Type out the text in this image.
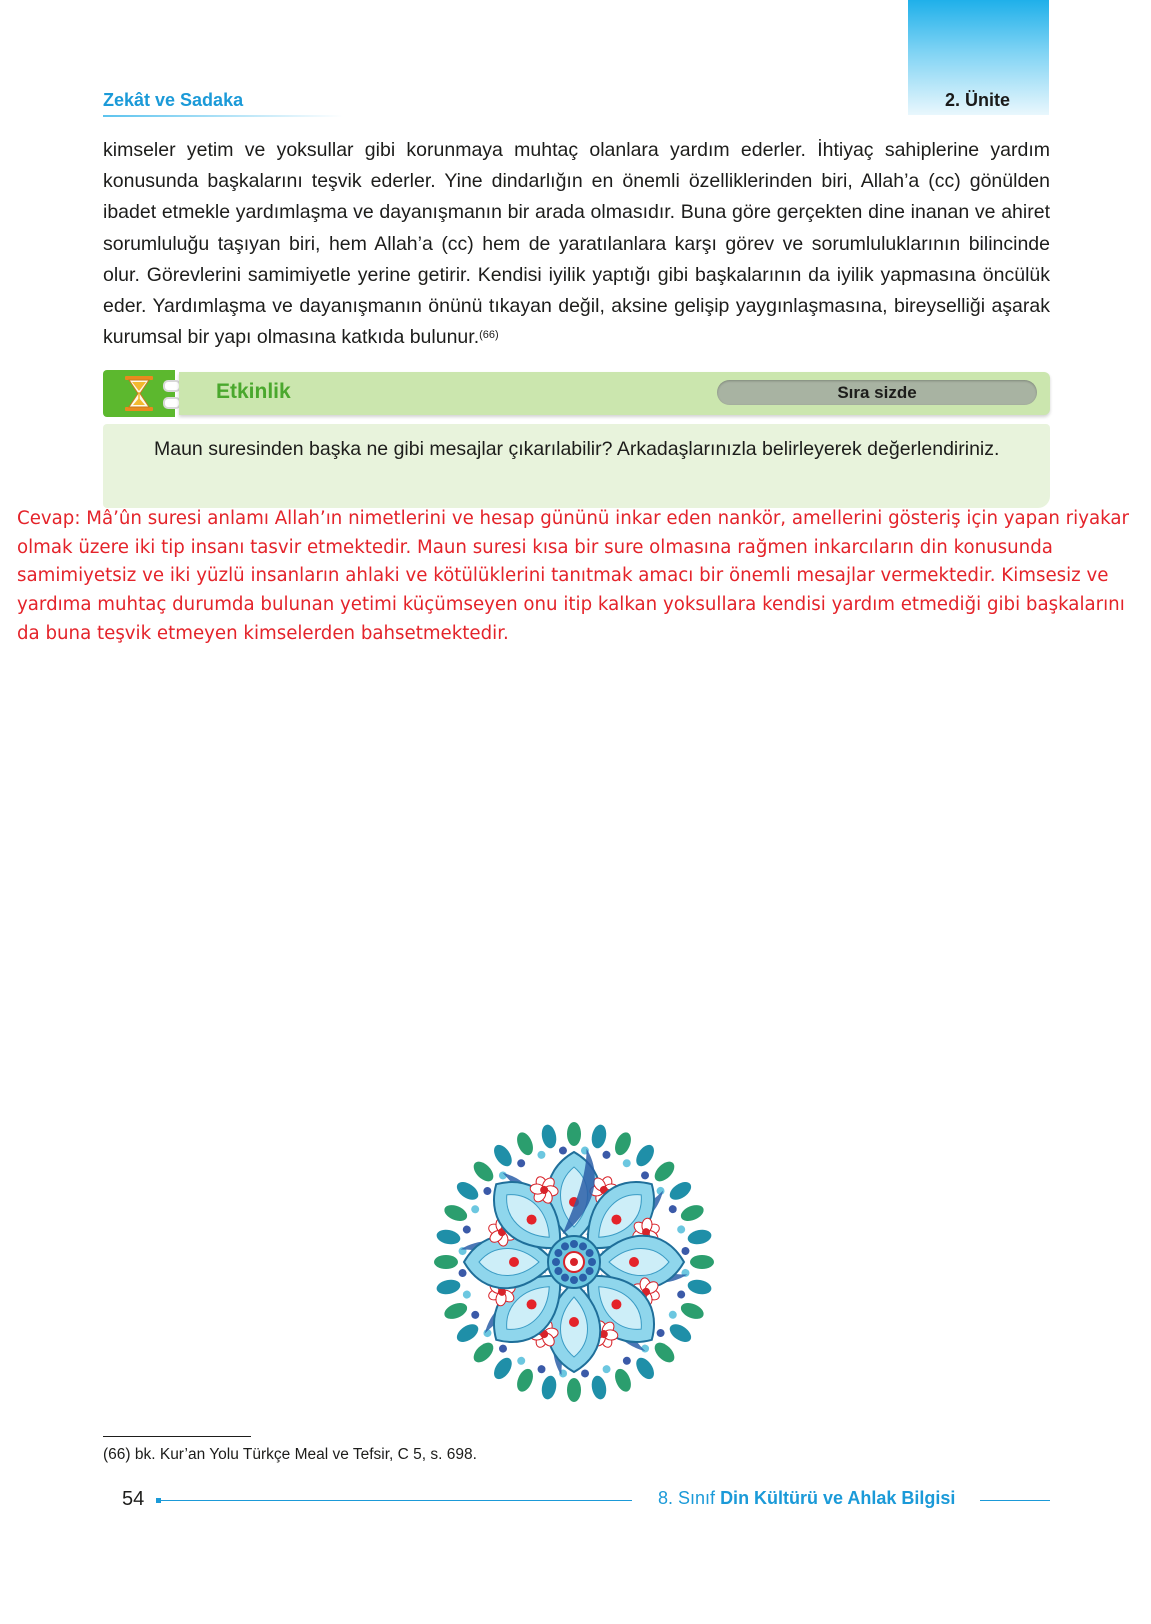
2. Ünite
Zekât ve Sadaka

kimseler yetim ve yoksullar gibi korunmaya muhtaç olanlara yardım ederler. İhtiyaç sahiplerine yardım konusunda başkalarını teşvik ederler. Yine dindarlığın en önemli özelliklerinden biri, Allah’a (cc) gönülden ibadet etmekle yardımlaşma ve dayanışmanın bir arada olmasıdır. Buna göre gerçekten dine inanan ve ahiret sorumluluğu taşıyan biri, hem Allah’a (cc) hem de yaratılanlara karşı görev ve sorumluluklarının bilincinde olur. Görevlerini samimiyetle yerine getirir. Kendisi iyilik yaptığı gibi başkalarının da iyilik yapmasına öncülük eder. Yardımlaşma ve dayanışmanın önünü tıkayan değil, aksine gelişip yaygınlaşmasına, bireyselliği aşarak kurumsal bir yapı olmasına katkıda bulunur.$^{(66)}$

Etkinlik	Sıra sizde

Maun suresinden başka ne gibi mesajlar çıkarılabilir? Arkadaşlarınızla belirleyerek değerlendiriniz.

Cevap: Mâ’ûn suresi anlamı Allah’ın nimetlerini ve hesap gününü inkar eden nankör, amellerini gösteriş için yapan riyakar olmak üzere iki tip insanı tasvir etmektedir. Maun suresi kısa bir sure olmasına rağmen inkarcıların din konusunda samimiyetsiz ve iki yüzlü insanların ahlaki ve kötülüklerini tanıtmak amacı bir önemli mesajlar vermektedir. Kimsesiz ve yardıma muhtaç durumda bulunan yetimi küçümseyen onu itip kalkan yoksullara kendisi yardım etmediği gibi başkalarını da buna teşvik etmeyen kimselerden bahsetmektedir.

(66) bk. Kur’an Yolu Türkçe Meal ve Tefsir, C 5, s. 698.
54	8. Sınıf Din Kültürü ve Ahlak Bilgisi
